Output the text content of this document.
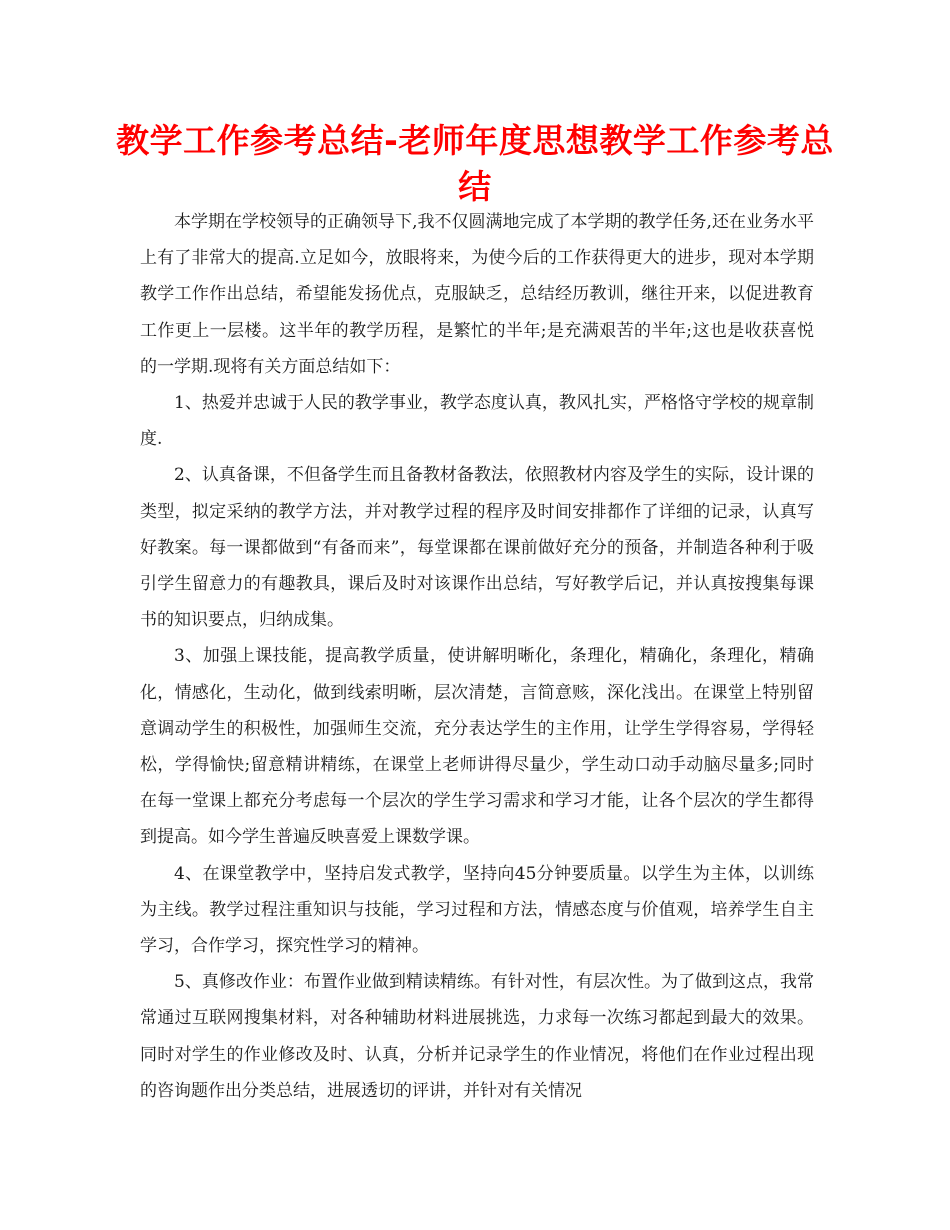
教学工作参考总结-老师年度思想教学工作参考总结

本学期在学校领导的正确领导下,我不仅圆满地完成了本学期的教学任务,还在业务水平上有了非常大的提高.立足如今，放眼将来，为使今后的工作获得更大的进步，现对本学期教学工作作出总结，希望能发扬优点，克服缺乏，总结经历教训，继往开来，以促进教育工作更上一层楼。这半年的教学历程，是繁忙的半年;是充满艰苦的半年;这也是收获喜悦的一学期.现将有关方面总结如下：

1、热爱并忠诚于人民的教学事业，教学态度认真，教风扎实，严格恪守学校的规章制度.

2、认真备课，不但备学生而且备教材备教法，依照教材内容及学生的实际，设计课的类型，拟定采纳的教学方法，并对教学过程的程序及时间安排都作了详细的记录，认真写好教案。每一课都做到“有备而来”，每堂课都在课前做好充分的预备，并制造各种利于吸引学生留意力的有趣教具，课后及时对该课作出总结，写好教学后记，并认真按搜集每课书的知识要点，归纳成集。

3、加强上课技能，提高教学质量，使讲解明晰化，条理化，精确化，条理化，精确化，情感化，生动化，做到线索明晰，层次清楚，言简意赅，深化浅出。在课堂上特别留意调动学生的积极性，加强师生交流，充分表达学生的主作用，让学生学得容易，学得轻松，学得愉快;留意精讲精练，在课堂上老师讲得尽量少，学生动口动手动脑尽量多;同时在每一堂课上都充分考虑每一个层次的学生学习需求和学习才能，让各个层次的学生都得到提高。如今学生普遍反映喜爱上课数学课。

4、在课堂教学中，坚持启发式教学，坚持向45分钟要质量。以学生为主体，以训练为主线。教学过程注重知识与技能，学习过程和方法，情感态度与价值观，培养学生自主学习，合作学习，探究性学习的精神。

5、真修改作业：布置作业做到精读精练。有针对性，有层次性。为了做到这点，我常常通过互联网搜集材料，对各种辅助材料进展挑选，力求每一次练习都起到最大的效果。同时对学生的作业修改及时、认真，分析并记录学生的作业情况，将他们在作业过程出现的咨询题作出分类总结，进展透切的评讲，并针对有关情况
